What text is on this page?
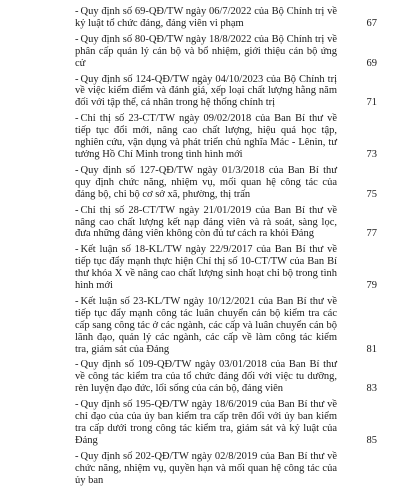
- Quy định số 69-QĐ/TW ngày 06/7/2022 của Bộ Chính trị về kỷ luật tổ chức đảng, đảng viên vi phạm	67
- Quy định số 80-QĐ/TW ngày 18/8/2022 của Bộ Chính trị về phân cấp quản lý cán bộ và bổ nhiệm, giới thiệu cán bộ ứng cử	69
- Quy định số 124-QĐ/TW ngày 04/10/2023 của Bộ Chính trị về việc kiểm điểm và đánh giá, xếp loại chất lượng hằng năm đối với tập thể, cá nhân trong hệ thống chính trị	71
- Chỉ thị số 23-CT/TW ngày 09/02/2018 của Ban Bí thư về tiếp tục đổi mới, nâng cao chất lượng, hiệu quả học tập, nghiên cứu, vận dụng và phát triển chủ nghĩa Mác - Lênin, tư tưởng Hồ Chí Minh trong tình hình mới	73
- Quy định số 127-QĐ/TW ngày 01/3/2018 của Ban Bí thư quy định chức năng, nhiệm vụ, mối quan hệ công tác của đảng bộ, chi bộ cơ sở xã, phường, thị trấn	75
- Chỉ thị số 28-CT/TW ngày 21/01/2019 của Ban Bí thư về nâng cao chất lượng kết nạp đảng viên và rà soát, sàng lọc, đưa những đảng viên không còn đủ tư cách ra khỏi Đảng	77
- Kết luận số 18-KL/TW ngày 22/9/2017 của Ban Bí thư về tiếp tục đẩy mạnh thực hiện Chỉ thị số 10-CT/TW của Ban Bí thư khóa X về nâng cao chất lượng sinh hoạt chi bộ trong tình hình mới	79
- Kết luận số 23-KL/TW ngày 10/12/2021 của Ban Bí thư về tiếp tục đẩy mạnh công tác luân chuyển cán bộ kiểm tra các cấp sang công tác ở các ngành, các cấp và luân chuyển cán bộ lãnh đạo, quản lý các ngành, các cấp về làm công tác kiểm tra, giám sát của Đảng	81
- Quy định số 109-QĐ/TW ngày 03/01/2018 của Ban Bí thư về công tác kiểm tra của tổ chức đảng đối với việc tu dưỡng, rèn luyện đạo đức, lối sống của cán bộ, đảng viên	83
- Quy định số 195-QĐ/TW ngày 18/6/2019 của Ban Bí thư về chỉ đạo của của ủy ban kiểm tra cấp trên đối với ủy ban kiểm tra cấp dưới trong công tác kiểm tra, giám sát và kỷ luật của Đảng	85
- Quy định số 202-QĐ/TW ngày 02/8/2019 của Ban Bí thư về chức năng, nhiệm vụ, quyền hạn và mối quan hệ công tác của ủy ban
